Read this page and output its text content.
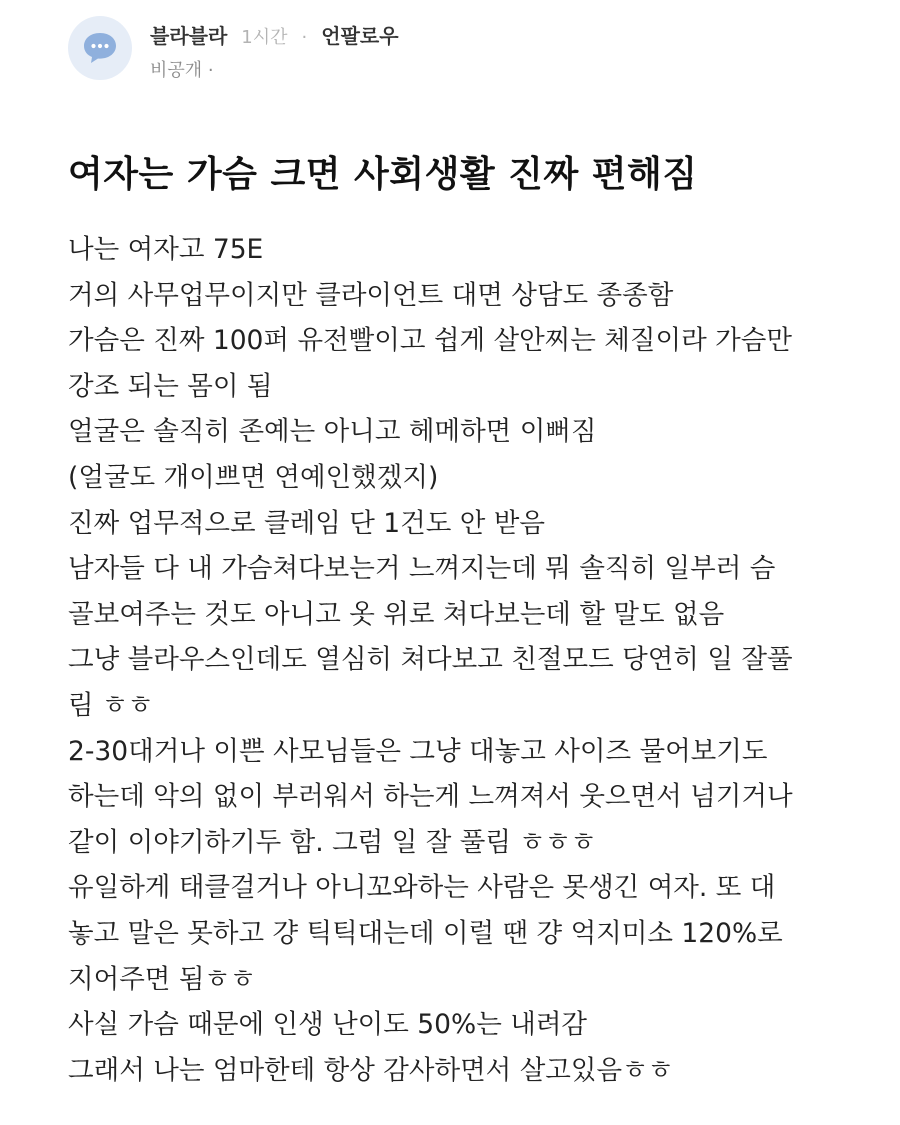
블라블라 1시간 · 언팔로우
비공개 ·
여자는 가슴 크면 사회생활 진짜 편해짐
나는 여자고 75E
거의 사무업무이지만 클라이언트 대면 상담도 종종함
가슴은 진짜 100퍼 유전빨이고 쉽게 살안찌는 체질이라 가슴만
강조 되는 몸이 됨
얼굴은 솔직히 존예는 아니고 헤메하면 이뻐짐
(얼굴도 개이쁘면 연예인했겠지)
진짜 업무적으로 클레임 단 1건도 안 받음
남자들 다 내 가슴쳐다보는거 느껴지는데 뭐 솔직히 일부러 슴
골보여주는 것도 아니고 옷 위로 쳐다보는데 할 말도 없음
그냥 블라우스인데도 열심히 쳐다보고 친절모드 당연히 일 잘풀
림 ㅎㅎ
2-30대거나 이쁜 사모님들은 그냥 대놓고 사이즈 물어보기도
하는데 악의 없이 부러워서 하는게 느껴져서 웃으면서 넘기거나
같이 이야기하기두 함. 그럼 일 잘 풀림 ㅎㅎㅎ
유일하게 태클걸거나 아니꼬와하는 사람은 못생긴 여자. 또 대
놓고 말은 못하고 걍 틱틱대는데 이럴 땐 걍 억지미소 120%로
지어주면 됨ㅎㅎ
사실 가슴 때문에 인생 난이도 50%는 내려감
그래서 나는 엄마한테 항상 감사하면서 살고있음ㅎㅎ
